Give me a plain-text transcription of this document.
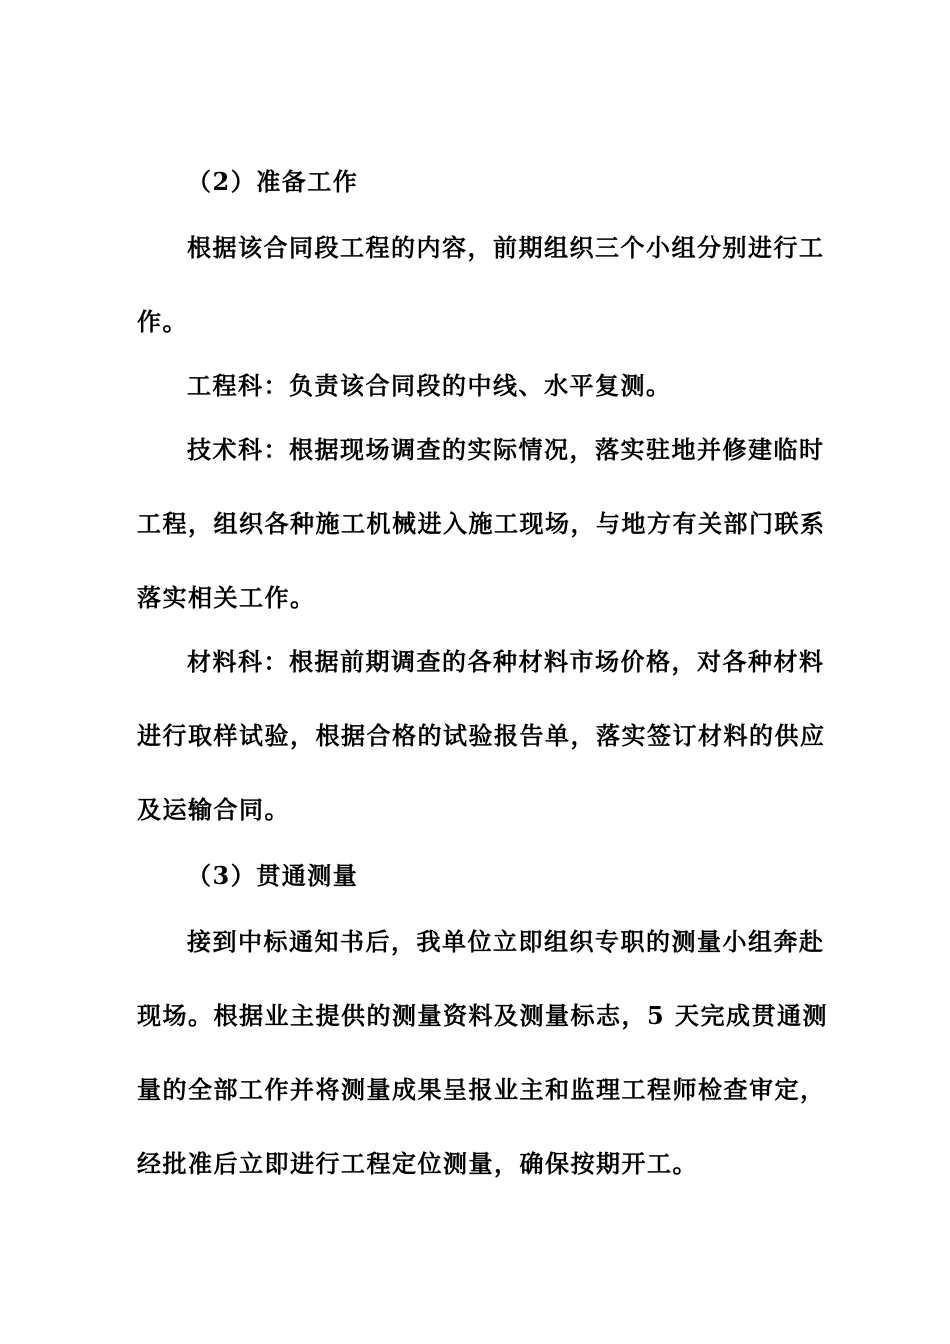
（2）准备工作
根据该合同段工程的内容，前期组织三个小组分别进行工
作。
工程科：负责该合同段的中线、水平复测。
技术科：根据现场调查的实际情况，落实驻地并修建临时
工程，组织各种施工机械进入施工现场，与地方有关部门联系
落实相关工作。
材料科：根据前期调查的各种材料市场价格，对各种材料
进行取样试验，根据合格的试验报告单，落实签订材料的供应
及运输合同。
（3）贯通测量
接到中标通知书后，我单位立即组织专职的测量小组奔赴
现场。根据业主提供的测量资料及测量标志，5 天完成贯通测
量的全部工作并将测量成果呈报业主和监理工程师检查审定，
经批准后立即进行工程定位测量，确保按期开工。
